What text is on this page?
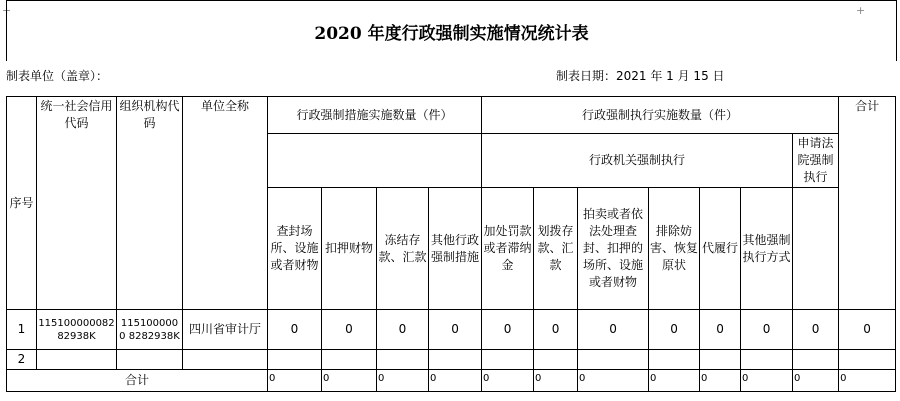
+	+
2020 年度行政强制实施情况统计表
制表单位（盖章）：	制表日期：2021 年 1 月 15 日
序号	统一社会信用代码	组织机构代码	单位全称	行政强制措施实施数量（件）				行政强制执行实施数量（件）							合计
								行政机关强制执行						申请法院强制执行	
				查封场所、设施或者财物	扣押财物	冻结存款、汇款	其他行政强制措施	加处罚款或者滞纳金	划拨存款、汇款	拍卖或者依法处理查封、扣押的场所、设施或者财物	排除妨害、恢复原状	代履行	其他强制执行方式		
1	115100000082 82938K	1151000000 8282938K	四川省审计厅	0	0	0	0	0	0	0	0	0	0	0	0
2															
合计				0	0	0	0	0	0	0	0	0	0	0	0
